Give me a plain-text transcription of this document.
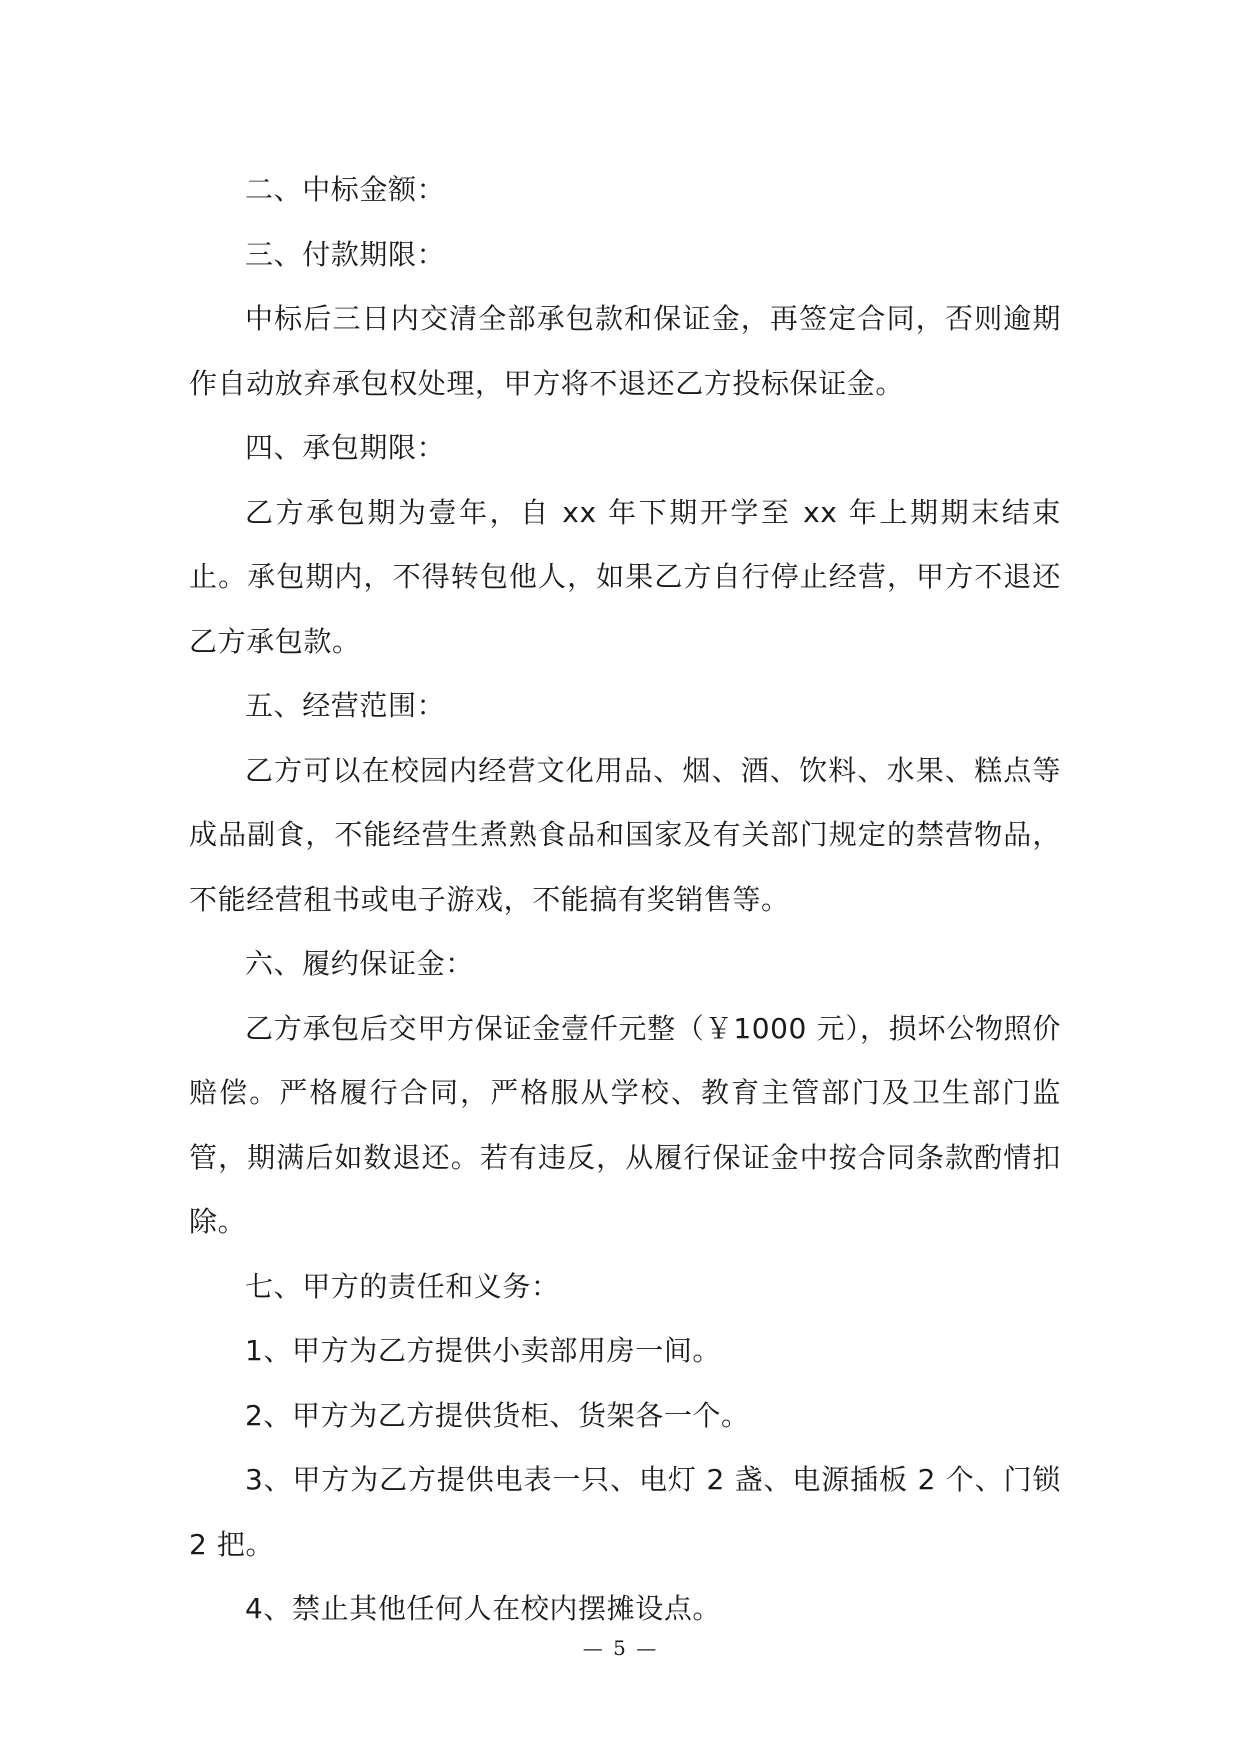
二、中标金额：

三、付款期限：

中标后三日内交清全部承包款和保证金，再签定合同，否则逾期作自动放弃承包权处理，甲方将不退还乙方投标保证金。

四、承包期限：

乙方承包期为壹年，自 xx 年下期开学至 xx 年上期期末结束止。承包期内，不得转包他人，如果乙方自行停止经营，甲方不退还乙方承包款。

五、经营范围：

乙方可以在校园内经营文化用品、烟、酒、饮料、水果、糕点等成品副食，不能经营生煮熟食品和国家及有关部门规定的禁营物品，不能经营租书或电子游戏，不能搞有奖销售等。

六、履约保证金：

乙方承包后交甲方保证金壹仟元整（￥1000 元），损坏公物照价赔偿。严格履行合同，严格服从学校、教育主管部门及卫生部门监管，期满后如数退还。若有违反，从履行保证金中按合同条款酌情扣除。

七、甲方的责任和义务：

1、甲方为乙方提供小卖部用房一间。

2、甲方为乙方提供货柜、货架各一个。

3、甲方为乙方提供电表一只、电灯 2 盏、电源插板 2 个、门锁 2 把。

4、禁止其他任何人在校内摆摊设点。

— 5 —
